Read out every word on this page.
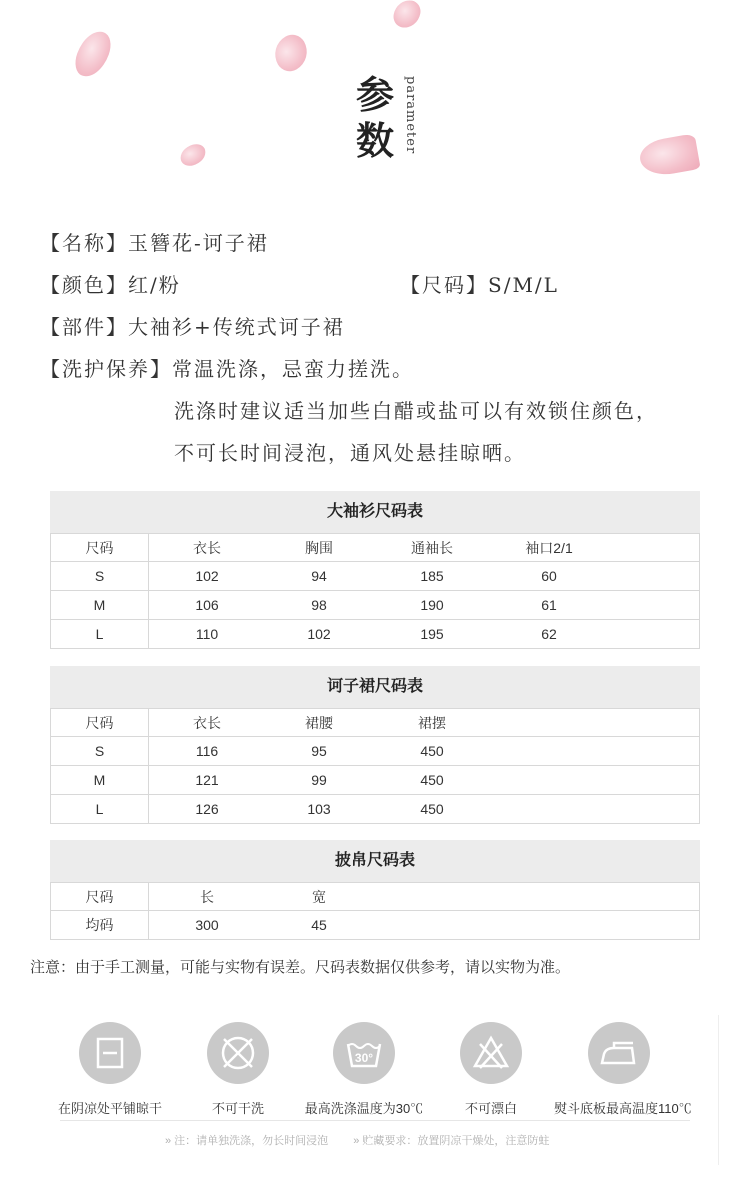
参
数 parameter
【名称】玉簪花-诃子裙
【颜色】红/粉	【尺码】S/M/L
【部件】大袖衫+传统式诃子裙
【洗护保养】常温洗涤，忌蛮力搓洗。
洗涤时建议适当加些白醋或盐可以有效锁住颜色，
不可长时间浸泡，通风处悬挂晾晒。
大袖衫尺码表
尺码	衣长	胸围	通袖长	袖口2/1
S	102	94	185	60
M	106	98	190	61
L	110	102	195	62
诃子裙尺码表
尺码	衣长	裙腰	裙摆
S	116	95	450
M	121	99	450
L	126	103	450
披帛尺码表
尺码	长	宽
均码	300	45
注意：由于手工测量，可能与实物有误差。尺码表数据仅供参考，请以实物为准。
在阴凉处平铺晾干	不可干洗
30°
最高洗涤温度为30℃	不可漂白	熨斗底板最高温度110℃
» 注：请单独洗涤，勿长时间浸泡 » 贮藏要求：放置阴凉干燥处，注意防蛀
